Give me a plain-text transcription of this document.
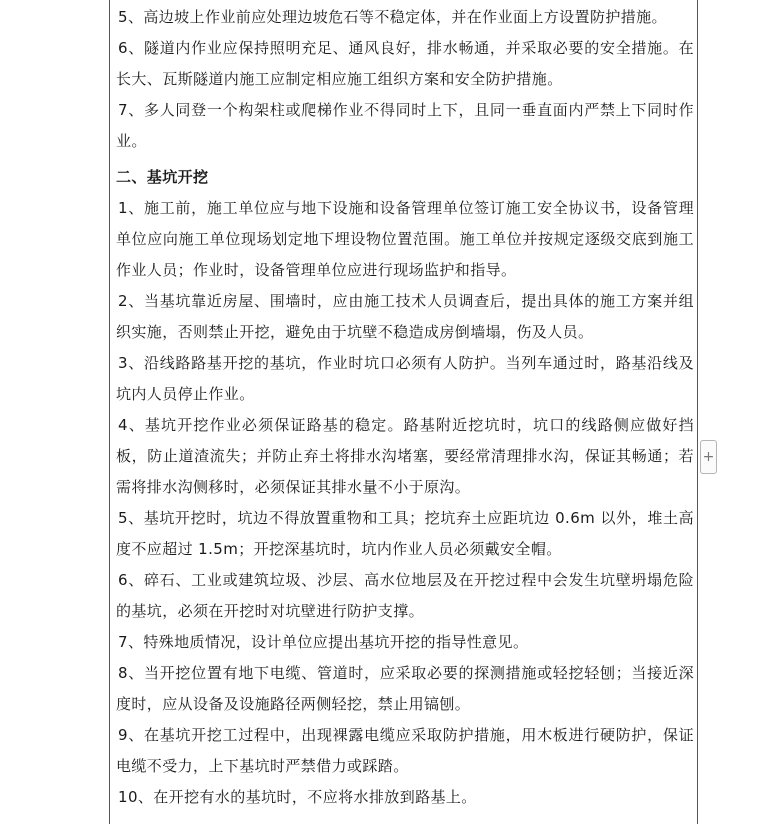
5、高边坡上作业前应处理边坡危石等不稳定体，并在作业面上方设置防护措施。

6、隧道内作业应保持照明充足、通风良好，排水畅通，并采取必要的安全措施。在长大、瓦斯隧道内施工应制定相应施工组织方案和安全防护措施。

7、多人同登一个构架柱或爬梯作业不得同时上下，且同一垂直面内严禁上下同时作业。

二、基坑开挖

1、施工前，施工单位应与地下设施和设备管理单位签订施工安全协议书，设备管理单位应向施工单位现场划定地下埋设物位置范围。施工单位并按规定逐级交底到施工作业人员；作业时，设备管理单位应进行现场监护和指导。

2、当基坑靠近房屋、围墙时，应由施工技术人员调查后，提出具体的施工方案并组织实施，否则禁止开挖，避免由于坑壁不稳造成房倒墙塌，伤及人员。

3、沿线路路基开挖的基坑，作业时坑口必须有人防护。当列车通过时，路基沿线及坑内人员停止作业。

4、基坑开挖作业必须保证路基的稳定。路基附近挖坑时，坑口的线路侧应做好挡板，防止道渣流失；并防止弃土将排水沟堵塞，要经常清理排水沟，保证其畅通；若需将排水沟侧移时，必须保证其排水量不小于原沟。

5、基坑开挖时，坑边不得放置重物和工具；挖坑弃土应距坑边 0.6m 以外，堆土高度不应超过 1.5m；开挖深基坑时，坑内作业人员必须戴安全帽。

6、碎石、工业或建筑垃圾、沙层、高水位地层及在开挖过程中会发生坑壁坍塌危险的基坑，必须在开挖时对坑壁进行防护支撑。

7、特殊地质情况，设计单位应提出基坑开挖的指导性意见。

8、当开挖位置有地下电缆、管道时，应采取必要的探测措施或轻挖轻刨；当接近深度时，应从设备及设施路径两侧轻挖，禁止用镐刨。

9、在基坑开挖工过程中，出现裸露电缆应采取防护措施，用木板进行硬防护，保证电缆不受力，上下基坑时严禁借力或踩踏。

10、在开挖有水的基坑时，不应将水排放到路基上。

+
